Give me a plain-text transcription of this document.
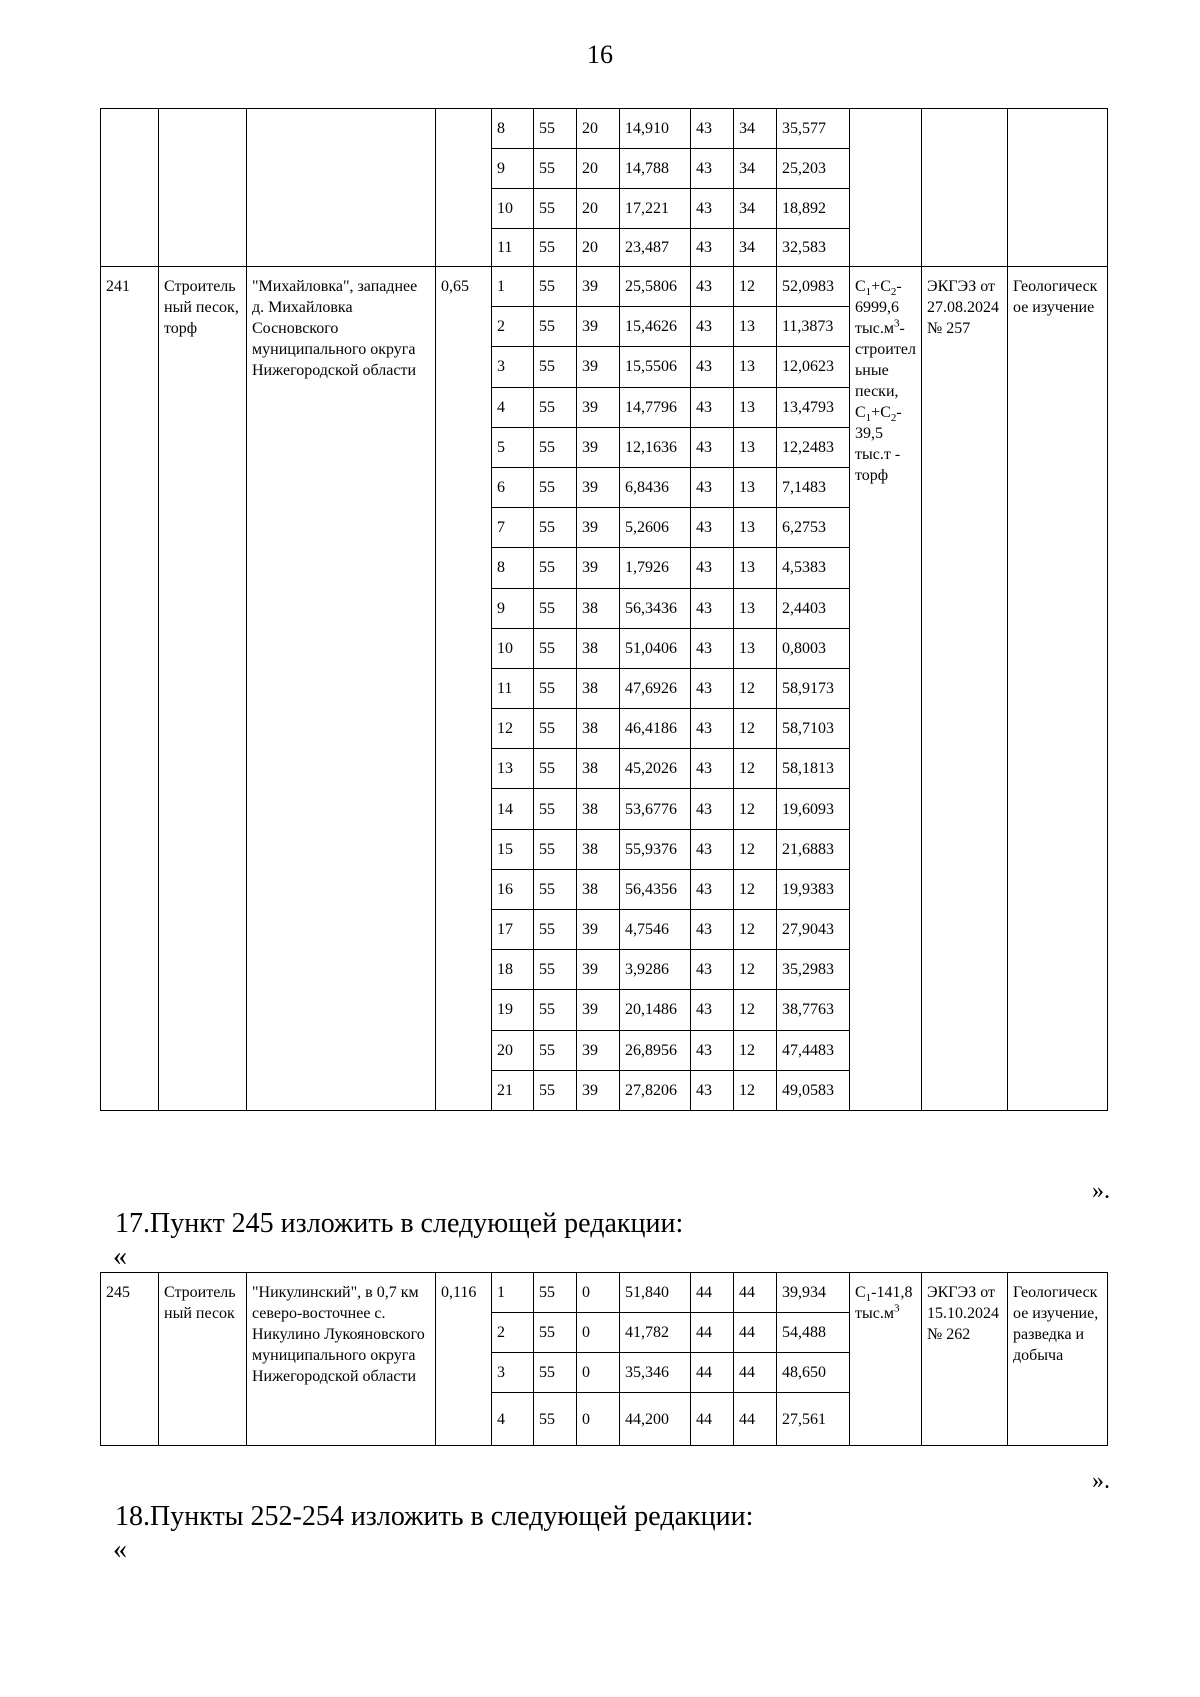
16
				8	55	20	14,910	43	34	35,577			
				9	55	20	14,788	43	34	25,203			
				10	55	20	17,221	43	34	18,892			
				11	55	20	23,487	43	34	32,583			
241	Строительный песок, торф	"Михайловка", западнее д. Михайловка Сосновского муниципального округа Нижегородской области	0,65	1	55	39	25,5806	43	12	52,0983	$С_1+С_2-6999,6$ $тыс.м^3$-строительные пески, $С_1+С_2-39,5$ тыс.т - торф	ЭКГЭЗ от 27.08.2024 № 257	Геологическое изучение
				2	55	39	15,4626	43	13	11,3873			
				3	55	39	15,5506	43	13	12,0623			
				4	55	39	14,7796	43	13	13,4793			
				5	55	39	12,1636	43	13	12,2483			
				6	55	39	6,8436	43	13	7,1483			
				7	55	39	5,2606	43	13	6,2753			
				8	55	39	1,7926	43	13	4,5383			
				9	55	38	56,3436	43	13	2,4403			
				10	55	38	51,0406	43	13	0,8003			
				11	55	38	47,6926	43	12	58,9173			
				12	55	38	46,4186	43	12	58,7103			
				13	55	38	45,2026	43	12	58,1813			
				14	55	38	53,6776	43	12	19,6093			
				15	55	38	55,9376	43	12	21,6883			
				16	55	38	56,4356	43	12	19,9383			
				17	55	39	4,7546	43	12	27,9043			
				18	55	39	3,9286	43	12	35,2983			
				19	55	39	20,1486	43	12	38,7763			
				20	55	39	26,8956	43	12	47,4483			
				21	55	39	27,8206	43	12	49,0583			
».
17.Пункт 245 изложить в следующей редакции:
«
245	Строительный песок	"Никулинский", в 0,7 км северо-восточнее с. Никулино Лукояновского муниципального округа Нижегородской области	0,116	1	55	0	51,840	44	44	39,934	$С_1-141,8$ $тыс.м^3$	ЭКГЭЗ от 15.10.2024 № 262	Геологическое изучение, разведка и добыча
				2	55	0	41,782	44	44	54,488			
				3	55	0	35,346	44	44	48,650			
				4	55	0	44,200	44	44	27,561			
».
18.Пункты 252-254 изложить в следующей редакции:
«
